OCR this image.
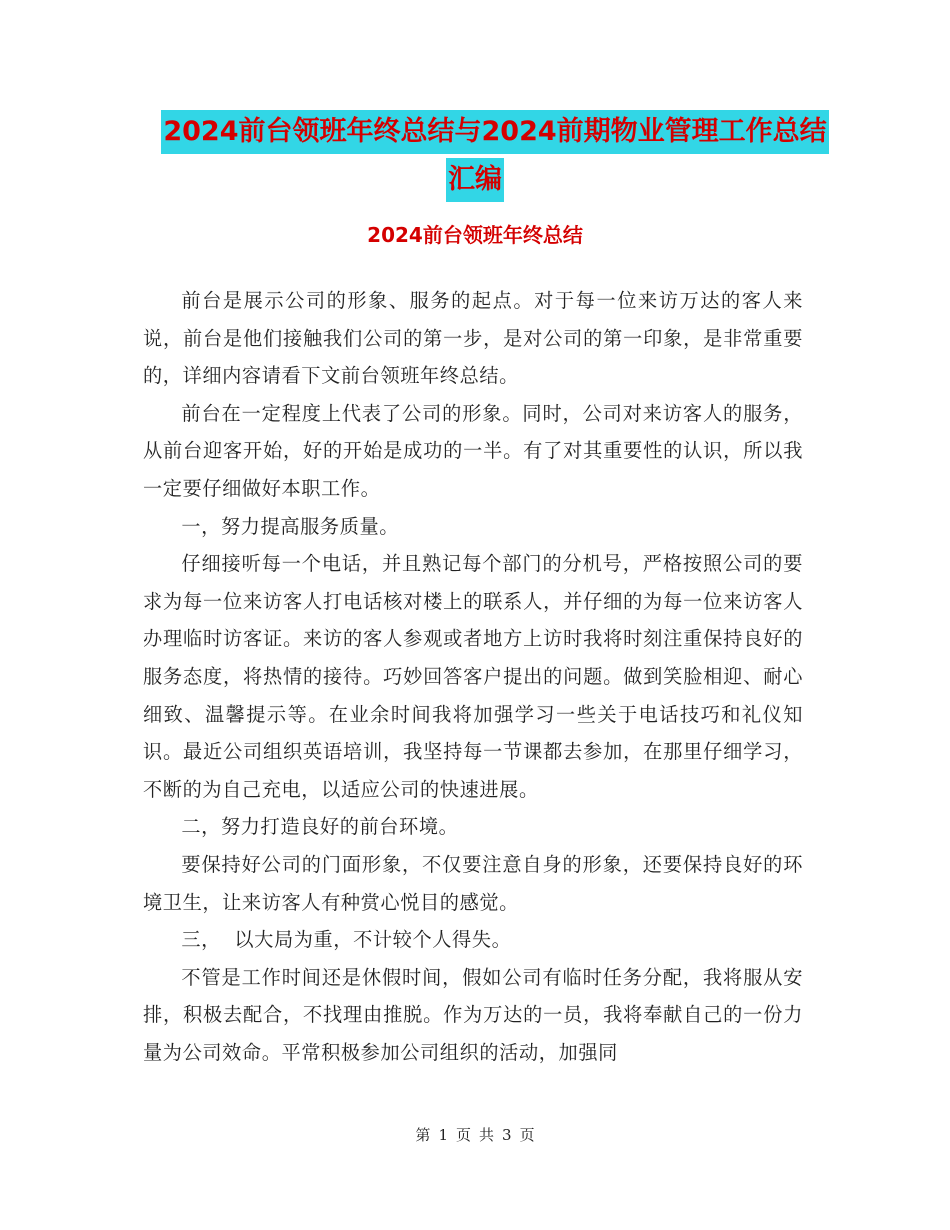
2024前台领班年终总结与2024前期物业管理工作总结
汇编
2024前台领班年终总结

前台是展示公司的形象、服务的起点。对于每一位来访万达的客人来说，前台是他们接触我们公司的第一步，是对公司的第一印象，是非常重要的，详细内容请看下文前台领班年终总结。

前台在一定程度上代表了公司的形象。同时，公司对来访客人的服务，从前台迎客开始，好的开始是成功的一半。有了对其重要性的认识，所以我一定要仔细做好本职工作。

一，努力提高服务质量。

仔细接听每一个电话，并且熟记每个部门的分机号，严格按照公司的要求为每一位来访客人打电话核对楼上的联系人，并仔细的为每一位来访客人办理临时访客证。来访的客人参观或者地方上访时我将时刻注重保持良好的服务态度，将热情的接待。巧妙回答客户提出的问题。做到笑脸相迎、耐心细致、温馨提示等。在业余时间我将加强学习一些关于电话技巧和礼仪知识。最近公司组织英语培训，我坚持每一节课都去参加，在那里仔细学习，不断的为自己充电，以适应公司的快速进展。

二，努力打造良好的前台环境。

要保持好公司的门面形象，不仅要注意自身的形象，还要保持良好的环境卫生，让来访客人有种赏心悦目的感觉。

三，  以大局为重，不计较个人得失。

不管是工作时间还是休假时间，假如公司有临时任务分配，我将服从安排，积极去配合，不找理由推脱。作为万达的一员，我将奉献自己的一份力量为公司效命。平常积极参加公司组织的活动，加强同

第 1 页 共 3 页
